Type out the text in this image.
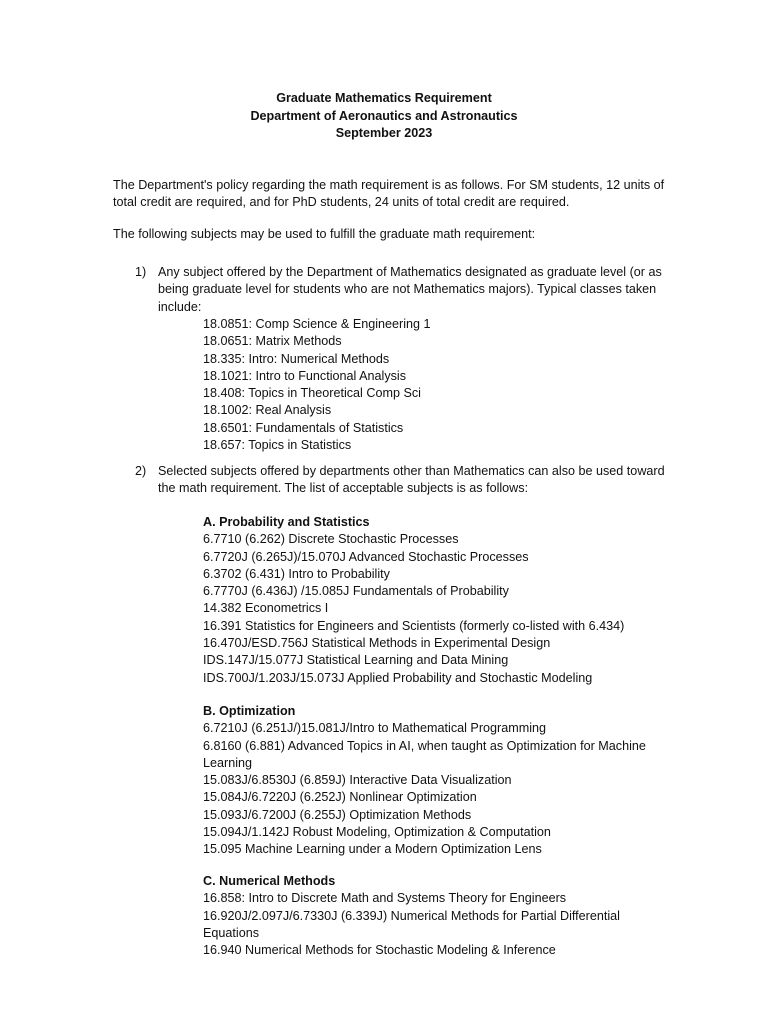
Graduate Mathematics Requirement
Department of Aeronautics and Astronautics
September 2023
The Department's policy regarding the math requirement is as follows. For SM students, 12 units of total credit are required, and for PhD students, 24 units of total credit are required.
The following subjects may be used to fulfill the graduate math requirement:
1) Any subject offered by the Department of Mathematics designated as graduate level (or as being graduate level for students who are not Mathematics majors). Typical classes taken include:
18.0851: Comp Science & Engineering 1
18.0651: Matrix Methods
18.335: Intro: Numerical Methods
18.1021: Intro to Functional Analysis
18.408: Topics in Theoretical Comp Sci
18.1002: Real Analysis
18.6501: Fundamentals of Statistics
18.657: Topics in Statistics
2) Selected subjects offered by departments other than Mathematics can also be used toward the math requirement. The list of acceptable subjects is as follows:
A. Probability and Statistics
6.7710 (6.262) Discrete Stochastic Processes
6.7720J (6.265J)/15.070J Advanced Stochastic Processes
6.3702 (6.431) Intro to Probability
6.7770J (6.436J) /15.085J Fundamentals of Probability
14.382 Econometrics I
16.391 Statistics for Engineers and Scientists (formerly co-listed with 6.434)
16.470J/ESD.756J Statistical Methods in Experimental Design
IDS.147J/15.077J Statistical Learning and Data Mining
IDS.700J/1.203J/15.073J Applied Probability and Stochastic Modeling
B. Optimization
6.7210J (6.251J/)15.081J/Intro to Mathematical Programming
6.8160 (6.881) Advanced Topics in AI, when taught as Optimization for Machine Learning
15.083J/6.8530J (6.859J) Interactive Data Visualization
15.084J/6.7220J (6.252J) Nonlinear Optimization
15.093J/6.7200J (6.255J) Optimization Methods
15.094J/1.142J Robust Modeling, Optimization & Computation
15.095 Machine Learning under a Modern Optimization Lens
C. Numerical Methods
16.858: Intro to Discrete Math and Systems Theory for Engineers
16.920J/2.097J/6.7330J (6.339J) Numerical Methods for Partial Differential Equations
16.940 Numerical Methods for Stochastic Modeling & Inference
